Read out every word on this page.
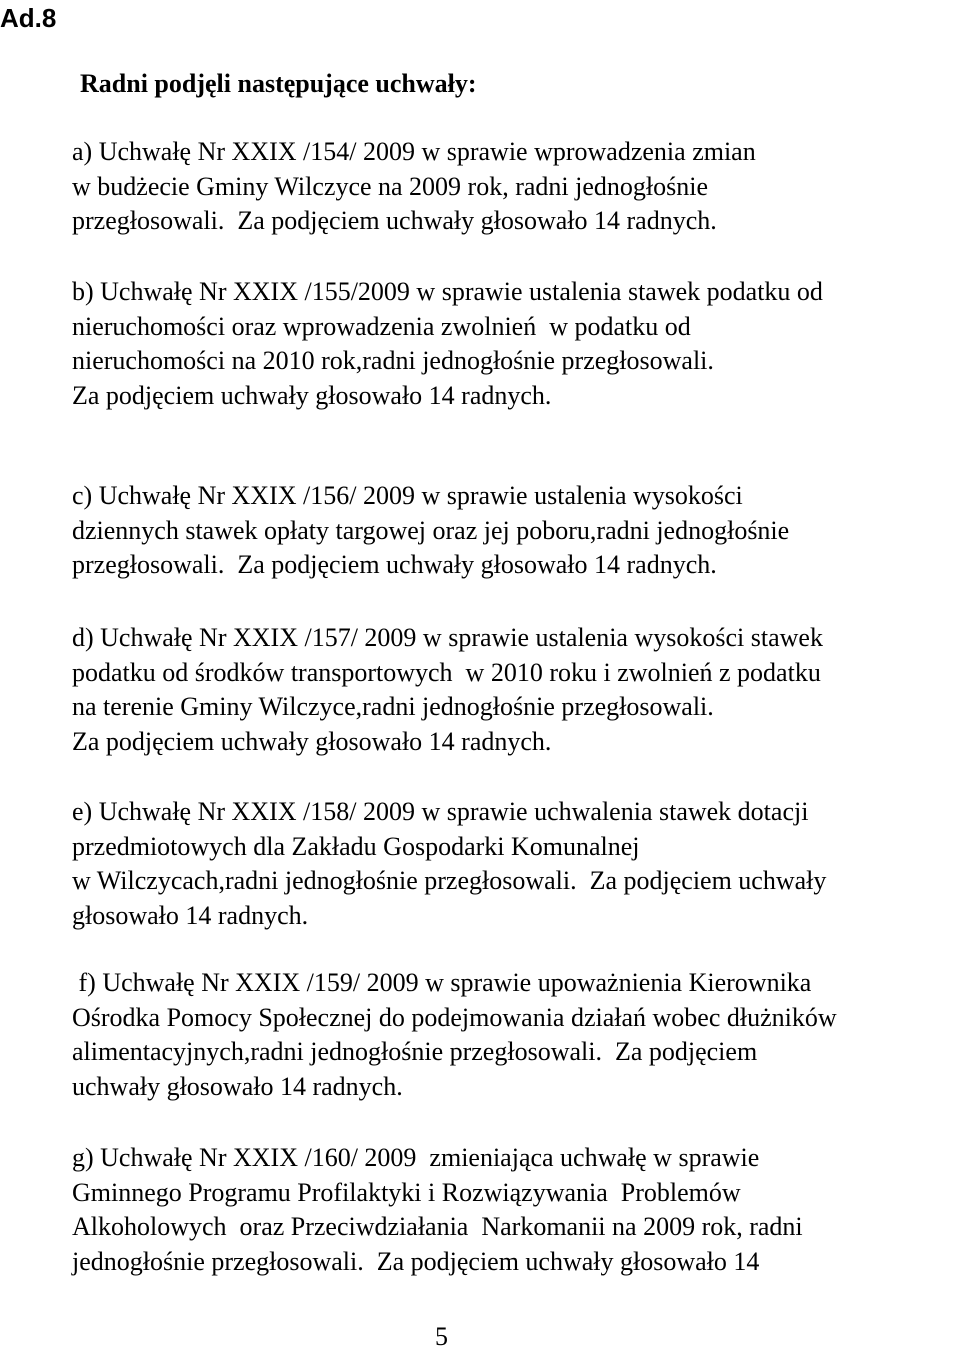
Ad.8
Radni podjęli następujące uchwały:
a) Uchwałę Nr XXIX /154/ 2009 w sprawie wprowadzenia zmian
w budżecie Gminy Wilczyce na 2009 rok, radni jednogłośnie
przegłosowali.  Za podjęciem uchwały głosowało 14 radnych.
b) Uchwałę Nr XXIX /155/2009 w sprawie ustalenia stawek podatku od
nieruchomości oraz wprowadzenia zwolnień  w podatku od
nieruchomości na 2010 rok,radni jednogłośnie przegłosowali.
Za podjęciem uchwały głosowało 14 radnych.
c) Uchwałę Nr XXIX /156/ 2009 w sprawie ustalenia wysokości
dziennych stawek opłaty targowej oraz jej poboru,radni jednogłośnie
przegłosowali.  Za podjęciem uchwały głosowało 14 radnych.
d) Uchwałę Nr XXIX /157/ 2009 w sprawie ustalenia wysokości stawek
podatku od środków transportowych  w 2010 roku i zwolnień z podatku
na terenie Gminy Wilczyce,radni jednogłośnie przegłosowali.
Za podjęciem uchwały głosowało 14 radnych.
e) Uchwałę Nr XXIX /158/ 2009 w sprawie uchwalenia stawek dotacji
przedmiotowych dla Zakładu Gospodarki Komunalnej
w Wilczycach,radni jednogłośnie przegłosowali.  Za podjęciem uchwały
głosowało 14 radnych.
f) Uchwałę Nr XXIX /159/ 2009 w sprawie upoważnienia Kierownika
Ośrodka Pomocy Społecznej do podejmowania działań wobec dłużników
alimentacyjnych,radni jednogłośnie przegłosowali.  Za podjęciem
uchwały głosowało 14 radnych.
g) Uchwałę Nr XXIX /160/ 2009  zmieniająca uchwałę w sprawie
Gminnego Programu Profilaktyki i Rozwiązywania  Problemów
Alkoholowych  oraz Przeciwdziałania  Narkomanii na 2009 rok, radni
jednogłośnie przegłosowali.  Za podjęciem uchwały głosowało 14
5
